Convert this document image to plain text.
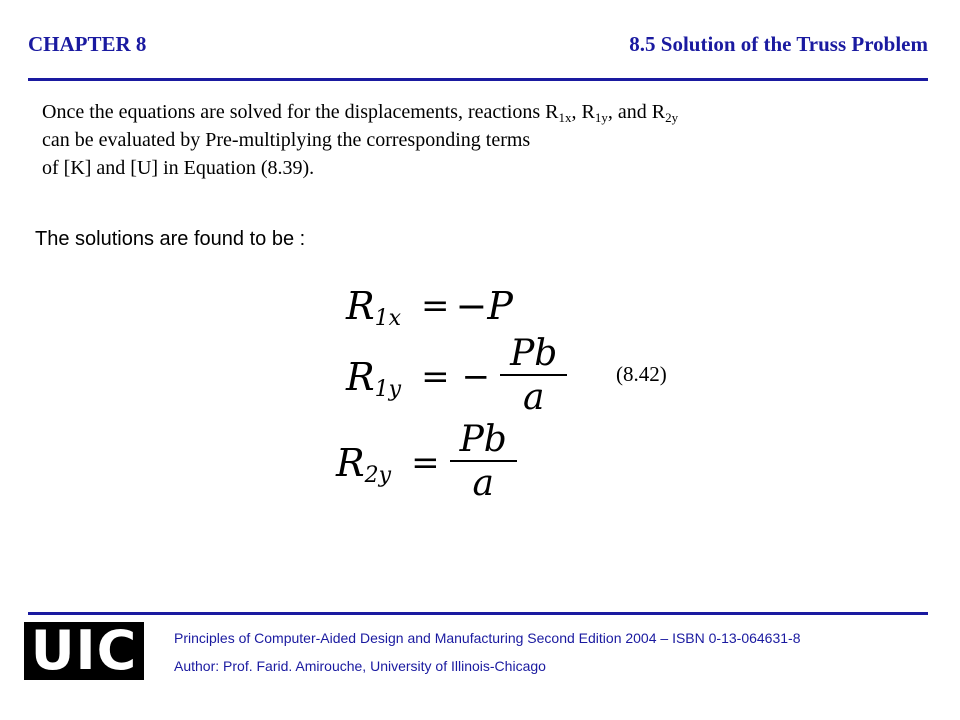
CHAPTER 8	8.5 Solution of the Truss Problem
Once the equations are solved for the displacements, reactions $R_{1x}$, $R_{1y}$, and $R_{2y}$
can be evaluated by Pre-multiplying the corresponding terms
of [K] and [U] in Equation (8.39).
The solutions are found to be :
R 1x = −P
R 1y = − $\frac{Pb}{a}$
R $2y = \frac{Pb}{a}$
(8.42)
UIC	Principles of Computer-Aided Design and Manufacturing Second Edition 2004 – ISBN 0-13-064631-8
Author: Prof. Farid. Amirouche, University of Illinois-Chicago
